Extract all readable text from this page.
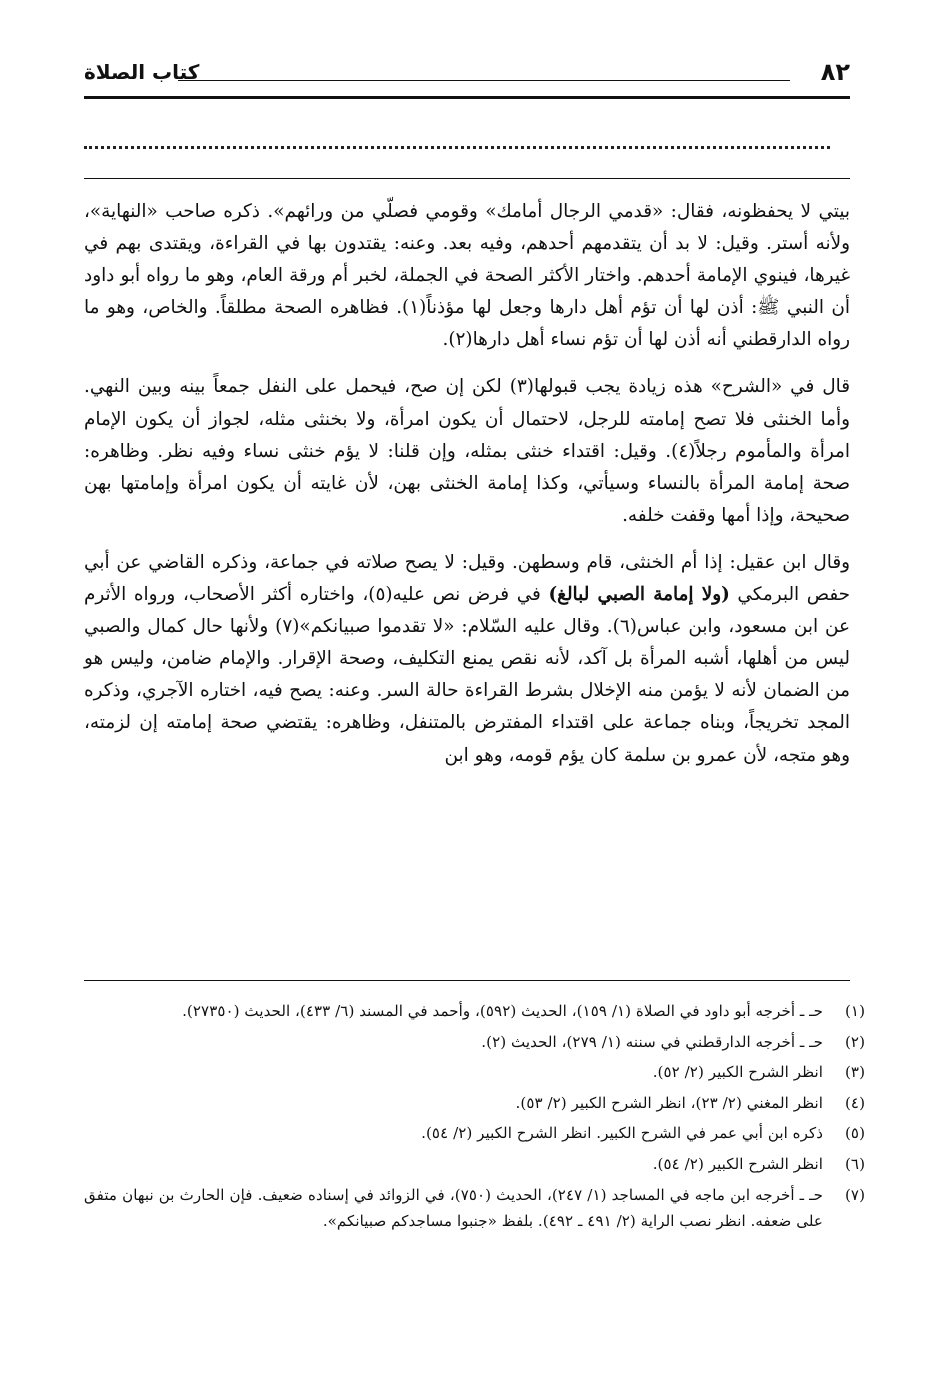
٨٢
كتاب الصلاة

بيتي لا يحفظونه، فقال: «قدمي الرجال أمامك» وقومي فصلّي من ورائهم». ذكره صاحب «النهاية»، ولأنه أستر. وقيل: لا بد أن يتقدمهم أحدهم، وفيه بعد. وعنه: يقتدون بها في القراءة، ويقتدى بهم في غيرها، فينوي الإمامة أحدهم. واختار الأكثر الصحة في الجملة، لخبر أم ورقة العام، وهو ما رواه أبو داود أن النبي ﷺ: أذن لها أن تؤم أهل دارها وجعل لها مؤذناً(١). فظاهره الصحة مطلقاً. والخاص، وهو ما رواه الدارقطني أنه أذن لها أن تؤم نساء أهل دارها(٢).

قال في «الشرح» هذه زيادة يجب قبولها(٣) لكن إن صح، فيحمل على النفل جمعاً بينه وبين النهي. وأما الخنثى فلا تصح إمامته للرجل، لاحتمال أن يكون امرأة، ولا بخنثى مثله، لجواز أن يكون الإمام امرأة والمأموم رجلاً(٤). وقيل: اقتداء خنثى بمثله، وإن قلنا: لا يؤم خنثى نساء وفيه نظر. وظاهره: صحة إمامة المرأة بالنساء وسيأتي، وكذا إمامة الخنثى بهن، لأن غايته أن يكون امرأة وإمامتها بهن صحيحة، وإذا أمها وقفت خلفه.

وقال ابن عقيل: إذا أم الخنثى، قام وسطهن. وقيل: لا يصح صلاته في جماعة، وذكره القاضي عن أبي حفص البرمكي (ولا إمامة الصبي لبالغ) في فرض نص عليه(٥)، واختاره أكثر الأصحاب، ورواه الأثرم عن ابن مسعود، وابن عباس(٦). وقال عليه السّلام: «لا تقدموا صبيانكم»(٧) ولأنها حال كمال والصبي ليس من أهلها، أشبه المرأة بل آكد، لأنه نقص يمنع التكليف، وصحة الإقرار. والإمام ضامن، وليس هو من الضمان لأنه لا يؤمن منه الإخلال بشرط القراءة حالة السر. وعنه: يصح فيه، اختاره الآجري، وذكره المجد تخريجاً، وبناه جماعة على اقتداء المفترض بالمتنفل، وظاهره: يقتضي صحة إمامته إن لزمته، وهو متجه، لأن عمرو بن سلمة كان يؤم قومه، وهو ابن

(١)
حـ ـ أخرجه أبو داود في الصلاة (١/ ١٥٩)، الحديث (٥٩٢)، وأحمد في المسند (٦/ ٤٣٣)، الحديث (٢٧٣٥٠).
(٢)
حـ ـ أخرجه الدارقطني في سننه (١/ ٢٧٩)، الحديث (٢).
(٣)
انظر الشرح الكبير (٢/ ٥٢).
(٤)
انظر المغني (٢/ ٢٣)، انظر الشرح الكبير (٢/ ٥٣).
(٥)
ذكره ابن أبي عمر في الشرح الكبير. انظر الشرح الكبير (٢/ ٥٤).
(٦)
انظر الشرح الكبير (٢/ ٥٤).
(٧)
حـ ـ أخرجه ابن ماجه في المساجد (١/ ٢٤٧)، الحديث (٧٥٠)، في الزوائد في إسناده ضعيف. فإن الحارث بن نبهان متفق على ضعفه. انظر نصب الراية (٢/ ٤٩١ ـ ٤٩٢). بلفظ «جنبوا مساجدكم صبيانكم».
